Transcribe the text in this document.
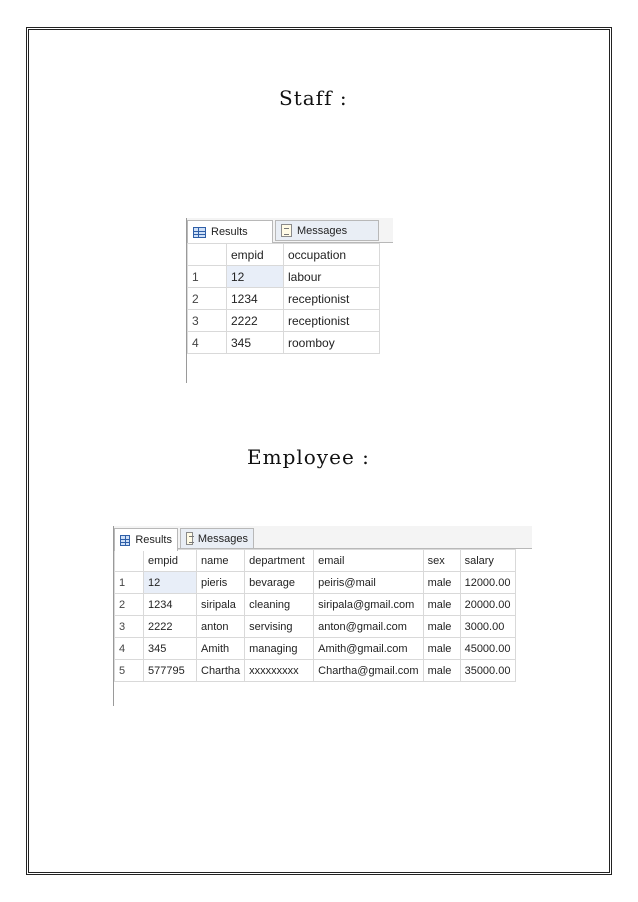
Staff :
Results	Messages
	empid	occupation
1	12	labour
2	1234	receptionist
3	2222	receptionist
4	345	roomboy
Employee :
Results Messages
	empid	name	department	email	sex	salary
1	12	pieris	bevarage	peiris@mail	male	12000.00
2	1234	siripala	cleaning	siripala@gmail.com	male	20000.00
3	2222	anton	servising	anton@gmail.com	male	3000.00
4	345	Amith	managing	Amith@gmail.com	male	45000.00
5	577795	Chartha	xxxxxxxxx	Chartha@gmail.com	male	35000.00
